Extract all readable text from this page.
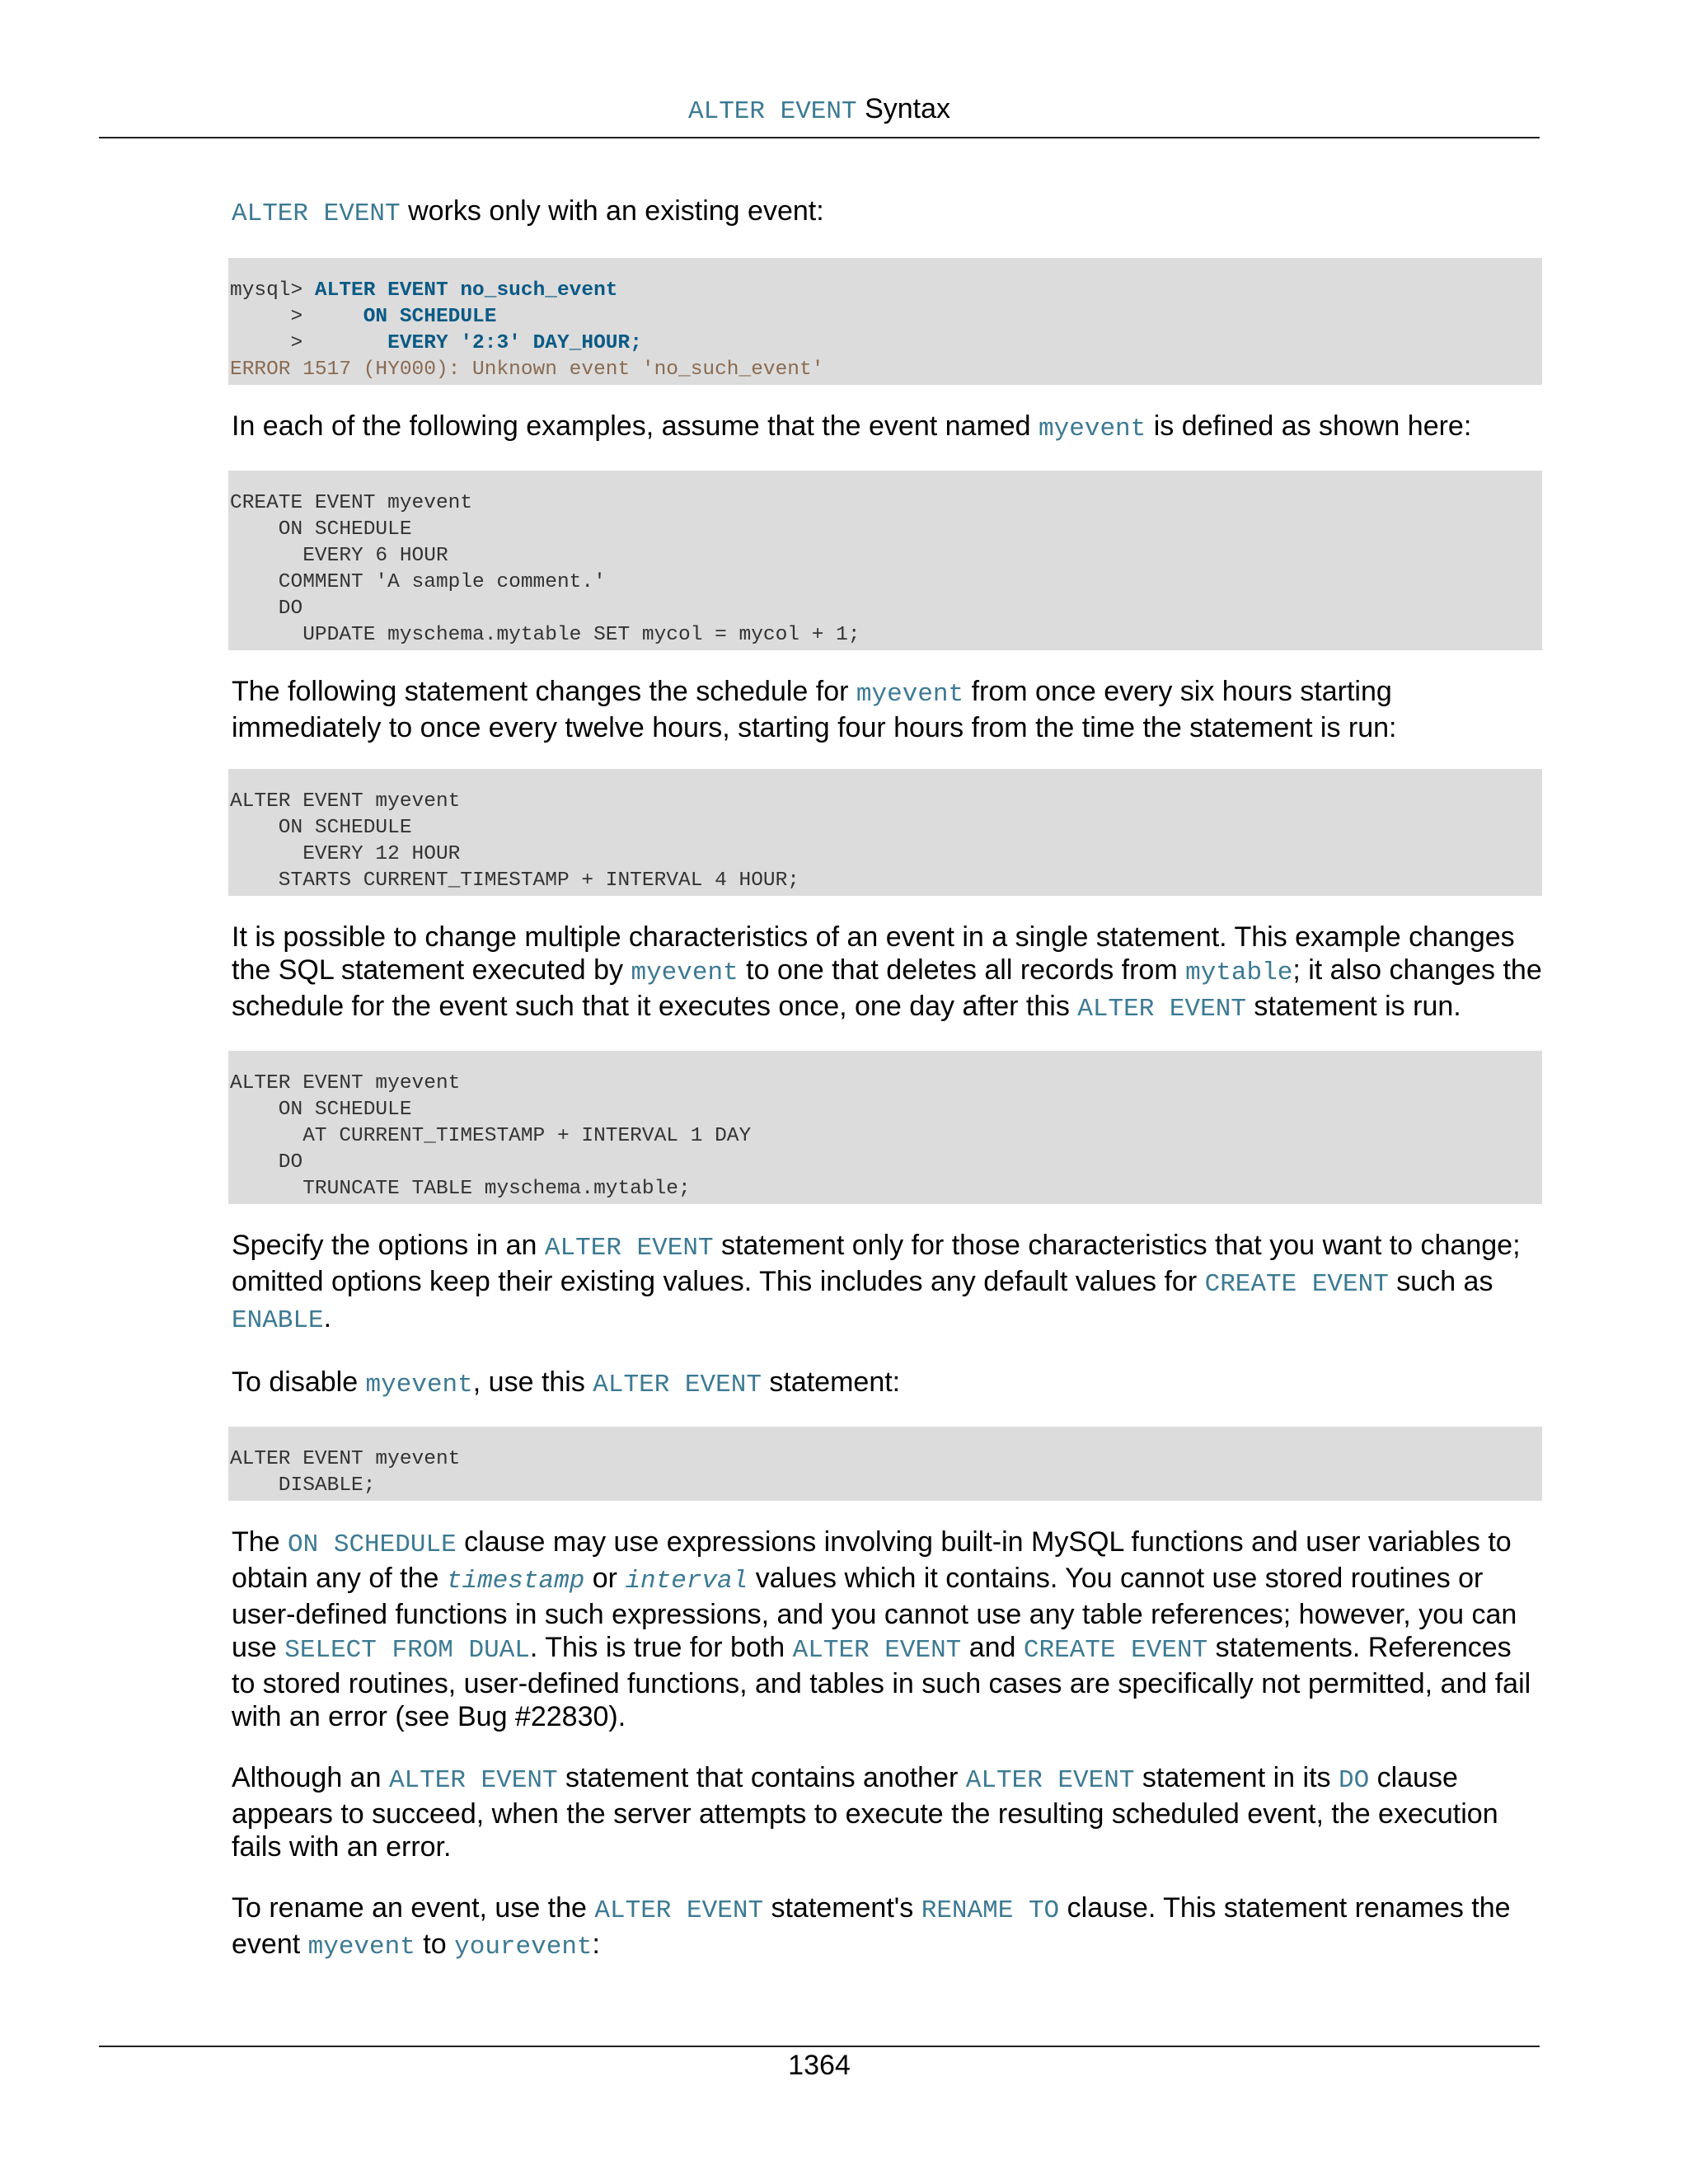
ALTER EVENT Syntax

ALTER EVENT works only with an existing event:

mysql> ALTER EVENT no_such_event
>     ON SCHEDULE
>       EVERY '2:3' DAY_HOUR;
ERROR 1517 (HY000): Unknown event 'no_such_event'

In each of the following examples, assume that the event named myevent is defined as shown here:

CREATE EVENT myevent
ON SCHEDULE
EVERY 6 HOUR
COMMENT 'A sample comment.'
DO
UPDATE myschema.mytable SET mycol = mycol + 1;

The following statement changes the schedule for myevent from once every six hours starting immediately to once every twelve hours, starting four hours from the time the statement is run:

ALTER EVENT myevent
ON SCHEDULE
EVERY 12 HOUR
STARTS CURRENT_TIMESTAMP + INTERVAL 4 HOUR;

It is possible to change multiple characteristics of an event in a single statement. This example changes the SQL statement executed by myevent to one that deletes all records from mytable; it also changes the schedule for the event such that it executes once, one day after this ALTER EVENT statement is run.

ALTER EVENT myevent
ON SCHEDULE
AT CURRENT_TIMESTAMP + INTERVAL 1 DAY
DO
TRUNCATE TABLE myschema.mytable;

Specify the options in an ALTER EVENT statement only for those characteristics that you want to change; omitted options keep their existing values. This includes any default values for CREATE EVENT such as ENABLE.

To disable myevent, use this ALTER EVENT statement:

ALTER EVENT myevent
DISABLE;

The ON SCHEDULE clause may use expressions involving built-in MySQL functions and user variables to obtain any of the timestamp or interval values which it contains. You cannot use stored routines or user-defined functions in such expressions, and you cannot use any table references; however, you can use SELECT FROM DUAL. This is true for both ALTER EVENT and CREATE EVENT statements. References to stored routines, user-defined functions, and tables in such cases are specifically not permitted, and fail with an error (see Bug #22830).

Although an ALTER EVENT statement that contains another ALTER EVENT statement in its DO clause appears to succeed, when the server attempts to execute the resulting scheduled event, the execution fails with an error.

To rename an event, use the ALTER EVENT statement's RENAME TO clause. This statement renames the event myevent to yourevent:

1364
